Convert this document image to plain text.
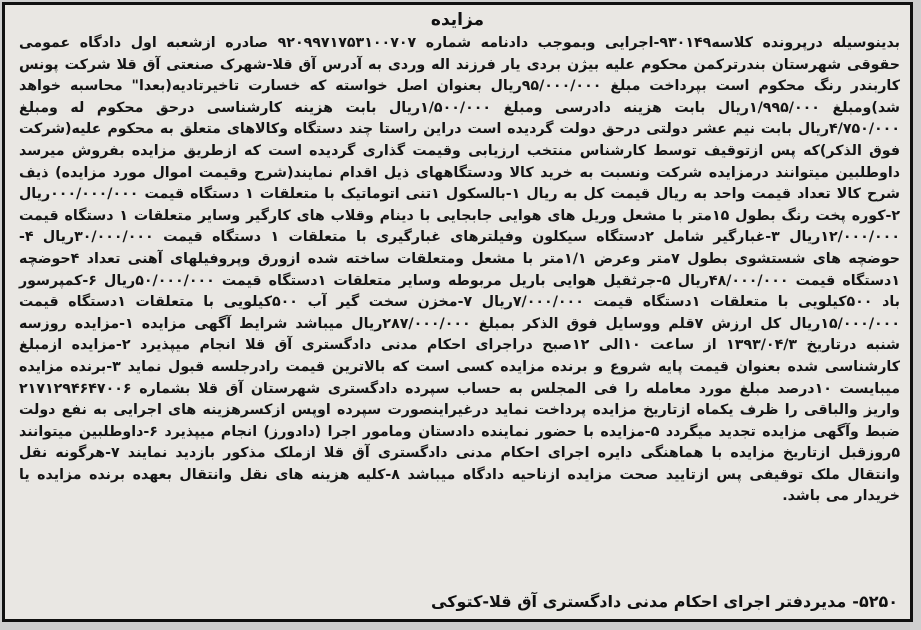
مزایده
بدینوسیله درپرونده کلاسه۹۳۰۱۴۹-اجرایی وبموجب دادنامه شماره ۹۲۰۹۹۷۱۷۵۳۱۰۰۷۰۷ صادره ازشعبه اول دادگاه عمومی حقوقی شهرستان بندرترکمن محکوم علیه بیژن بردی یار فرزند اله وردی به آدرس آق قلا-شهرک صنعتی آق قلا شرکت پونس کاربندر رنگ محکوم است بپرداخت مبلغ ۹۵/۰۰۰/۰۰۰ریال بعنوان اصل خواسته که خسارت تاخیرتادیه(بعدا" محاسبه خواهد شد)ومبلغ ۱/۹۹۵/۰۰۰ریال بابت هزینه دادرسی ومبلغ ۱/۵۰۰/۰۰۰ریال بابت هزینه کارشناسی درحق محکوم له ومبلغ ۴/۷۵۰/۰۰۰ریال بابت نیم عشر دولتی درحق دولت گردیده است دراین راستا چند دستگاه وکالاهای متعلق به محکوم علیه(شرکت فوق الذکر)که پس ازتوقیف توسط کارشناس منتخب ارزیابی وقیمت گذاری گردیده است که ازطریق مزایده بفروش میرسد داوطلبین میتوانند درمزایده شرکت ونسبت به خرید کالا ودستگاههای ذیل اقدام نمایند(شرح وقیمت اموال مورد مزایده) ذیف شرح کالا تعداد قیمت واحد به ریال قیمت کل به ریال ۱-بالسکول ۱تنی اتوماتیک با متعلقات ۱ دستگاه قیمت ۰۰۰/۰۰۰/۰۰۰ریال ۲-کوره پخت رنگ بطول ۱۵متر با مشعل وریل های هوایی جابجایی با دینام وقلاب های کارگیر وسایر متعلقات ۱ دستگاه قیمت ۱۲/۰۰۰/۰۰۰ریال ۳-غبارگیر شامل ۲دستگاه سیکلون وفیلترهای غبارگیری با متعلقات ۱ دستگاه قیمت ۳۰/۰۰۰/۰۰۰ریال ۴-حوضچه های شستشوی بطول ۷متر وعرض ۱/۱متر با مشعل ومتعلقات ساخته شده ازورق وپروفیلهای آهنی تعداد ۴حوضچه ۱دستگاه قیمت ۴۸/۰۰۰/۰۰۰ریال ۵-جرثقیل هوایی باریل مربوطه وسایر متعلقات ۱دستگاه قیمت ۵۰/۰۰۰/۰۰۰ریال ۶-کمپرسور باد ۵۰۰کیلویی با متعلقات ۱دستگاه قیمت ۷/۰۰۰/۰۰۰ریال ۷-مخزن سخت گیر آب ۵۰۰کیلویی با متعلقات ۱دستگاه قیمت ۱۵/۰۰۰/۰۰۰ریال کل ارزش ۷قلم ووسایل فوق الذکر بمبلغ ۲۸۷/۰۰۰/۰۰۰ریال میباشد شرایط آگهی مزایده ۱-مزایده روزسه شنبه درتاریخ ۱۳۹۳/۰۴/۳ از ساعت ۱۰الی ۱۲صبح دراجرای احکام مدنی دادگستری آق قلا انجام میپذیرد ۲-مزایده ازمبلغ کارشناسی شده بعنوان قیمت پایه شروع و برنده مزایده کسی است که بالاترین قیمت رادرجلسه قبول نماید ۳-برنده مزایده میبایست ۱۰درصد مبلغ مورد معامله را فی المجلس به حساب سپرده دادگستری شهرستان آق قلا بشماره ۲۱۷۱۲۹۴۶۴۷۰۰۶ واریز والباقی را ظرف یکماه ازتاریخ مزایده پرداخت نماید درغیراینصورت سپرده اوپس ازکسرهزینه های اجرایی به نفع دولت ضبط وآگهی مزایده تجدید میگردد ۵-مزایده با حضور نماینده دادستان ومامور اجرا (دادورز) انجام میپذیرد ۶-داوطلبین میتوانند ۵روزقبل ازتاریخ مزایده با هماهنگی دایره اجرای احکام مدنی دادگستری آق قلا ازملک مذکور بازدید نمایند ۷-هرگونه نقل وانتقال ملک توقیفی پس ازتایید صحت مزایده ازناحیه دادگاه میباشد ۸-کلیه هزینه های نقل وانتقال بعهده برنده مزایده یا خریدار می باشد.
۵۲۵۰-مدیردفتر اجرای احکام مدنی دادگستری آق قلا-کتوکی
